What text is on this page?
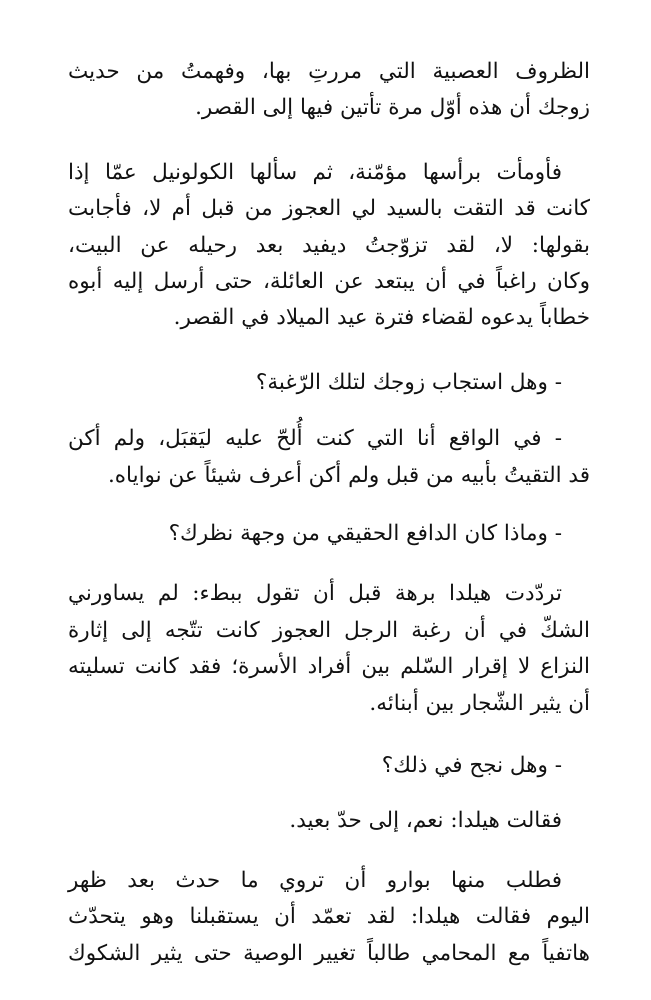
الظروف العصبية التي مررتِ بها، وفهمتُ من حديث
زوجك أن هذه أوّل مرة تأتين فيها إلى القصر.

فأومأت برأسها مؤمّنة، ثم سألها الكولونيل عمّا إذا
كانت قد التقت بالسيد لي العجوز من قبل أم لا، فأجابت
بقولها: لا، لقد تزوّجتُ ديفيد بعد رحيله عن البيت،
وكان راغباً في أن يبتعد عن العائلة، حتى أرسل إليه أبوه
خطاباً يدعوه لقضاء فترة عيد الميلاد في القصر.

- وهل استجاب زوجك لتلك الرّغبة؟

- في الواقع أنا التي كنت أُلحّ عليه ليَقبَل، ولم أكن
قد التقيتُ بأبيه من قبل ولم أكن أعرف شيئاً عن نواياه.

- وماذا كان الدافع الحقيقي من وجهة نظرك؟

تردّدت هيلدا برهة قبل أن تقول ببطء: لم يساورني
الشكّ في أن رغبة الرجل العجوز كانت تتّجه إلى إثارة
النزاع لا إقرار السّلم بين أفراد الأسرة؛ فقد كانت تسليته
أن يثير الشّجار بين أبنائه.

- وهل نجح في ذلك؟

فقالت هيلدا: نعم، إلى حدّ بعيد.

فطلب منها بوارو أن تروي ما حدث بعد ظهر
اليوم فقالت هيلدا: لقد تعمّد أن يستقبلنا وهو يتحدّث
هاتفياً مع المحامي طالباً تغيير الوصية حتى يثير الشكوك
